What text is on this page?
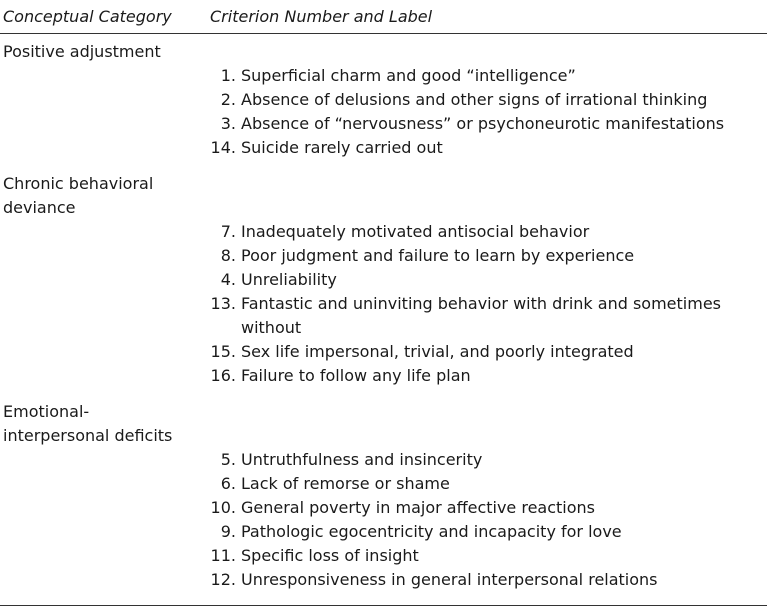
Conceptual Category Criterion Number and Label
Positive adjustment
1. Superficial charm and good “intelligence”
2. Absence of delusions and other signs of irrational thinking
3. Absence of “nervousness” or psychoneurotic manifestations
14. Suicide rarely carried out
Chronic behavioral deviance
7. Inadequately motivated antisocial behavior
8. Poor judgment and failure to learn by experience
4. Unreliability
13. Fantastic and uninviting behavior with drink and sometimes without
15. Sex life impersonal, trivial, and poorly integrated
16. Failure to follow any life plan
Emotional-interpersonal deficits
5. Untruthfulness and insincerity
6. Lack of remorse or shame
10. General poverty in major affective reactions
9. Pathologic egocentricity and incapacity for love
11. Specific loss of insight
12. Unresponsiveness in general interpersonal relations
